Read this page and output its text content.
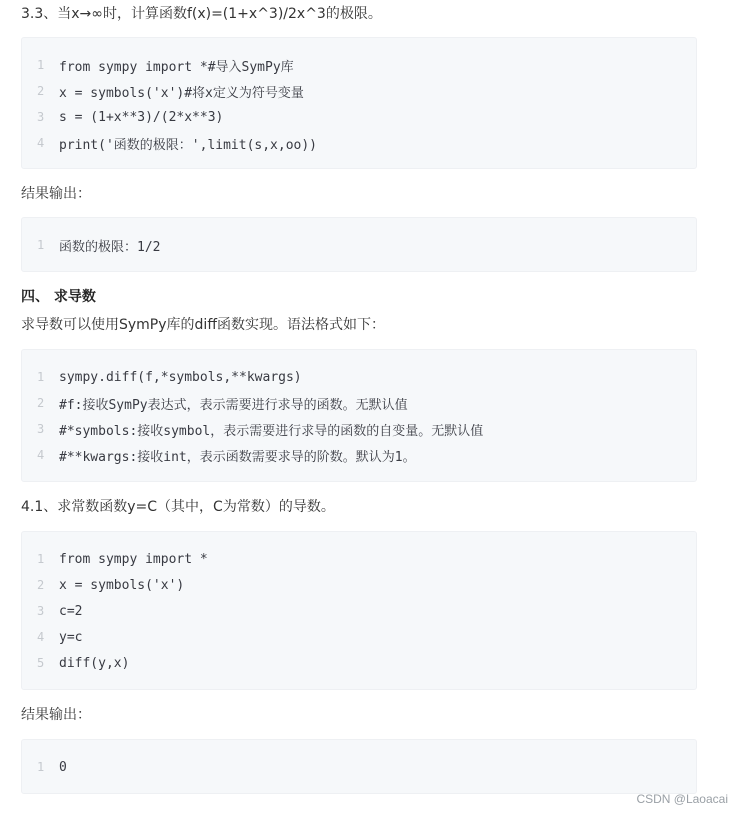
3.3、当x→∞时，计算函数f(x)=(1+x^3)/2x^3的极限。
1	from sympy import *#导入SymPy库
2	x = symbols('x')#将x定义为符号变量
3	s = (1+x**3)/(2*x**3)
4	print('函数的极限：',limit(s,x,oo))
结果输出：
1	函数的极限：1/2
四、 求导数
求导数可以使用SymPy库的diff函数实现。语法格式如下：
1	sympy.diff(f,*symbols,**kwargs)
2	#f:接收SymPy表达式，表示需要进行求导的函数。无默认值
3	#*symbols:接收symbol，表示需要进行求导的函数的自变量。无默认值
4	#**kwargs:接收int，表示函数需要求导的阶数。默认为1。
4.1、求常数函数y=C（其中，C为常数）的导数。
1	from sympy import *
2	x = symbols('x')
3	c=2
4	y=c
5	diff(y,x)
结果输出：
1	0
CSDN @Laoacai
